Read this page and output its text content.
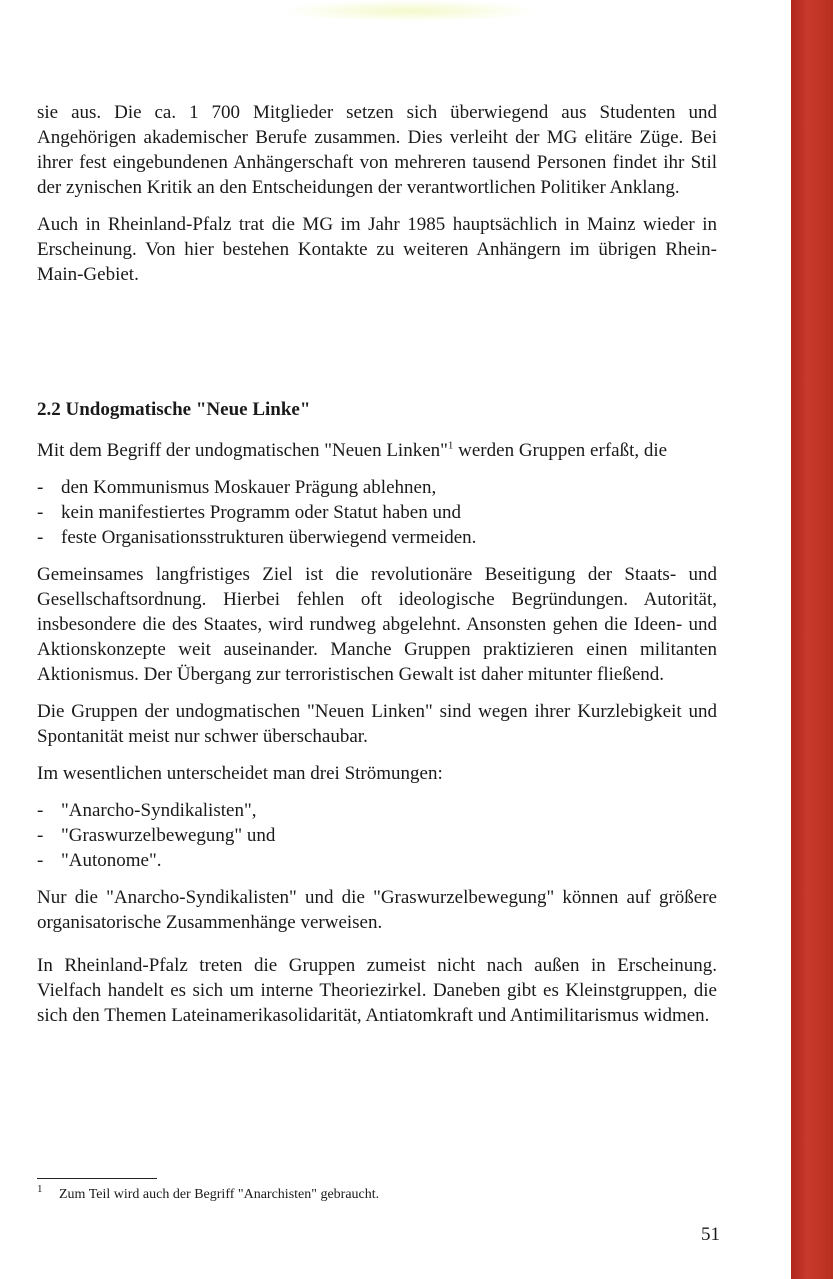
sie aus. Die ca. 1 700 Mitglieder setzen sich überwiegend aus Studenten und Angehörigen akademischer Berufe zusammen. Dies verleiht der MG elitäre Züge. Bei ihrer fest eingebundenen Anhängerschaft von mehreren tausend Personen findet ihr Stil der zynischen Kritik an den Entscheidungen der verantwortlichen Politiker Anklang.

Auch in Rheinland-Pfalz trat die MG im Jahr 1985 hauptsächlich in Mainz wieder in Erscheinung. Von hier bestehen Kontakte zu weiteren Anhängern im übrigen Rhein-Main-Gebiet.

2.2 Undogmatische "Neue Linke"

Mit dem Begriff der undogmatischen "Neuen Linken"$^1$ werden Gruppen erfaßt, die

- den Kommunismus Moskauer Prägung ablehnen,
- kein manifestiertes Programm oder Statut haben und
- feste Organisationsstrukturen überwiegend vermeiden.

Gemeinsames langfristiges Ziel ist die revolutionäre Beseitigung der Staats- und Gesellschaftsordnung. Hierbei fehlen oft ideologische Begründungen. Autorität, insbesondere die des Staates, wird rundweg abgelehnt. Ansonsten gehen die Ideen- und Aktionskonzepte weit auseinander. Manche Gruppen praktizieren einen militanten Aktionismus. Der Übergang zur terroristischen Gewalt ist daher mitunter fließend.

Die Gruppen der undogmatischen "Neuen Linken" sind wegen ihrer Kurzlebigkeit und Spontanität meist nur schwer überschaubar.

Im wesentlichen unterscheidet man drei Strömungen:

- "Anarcho-Syndikalisten",
- "Graswurzelbewegung" und
- "Autonome".

Nur die "Anarcho-Syndikalisten" und die "Graswurzelbewegung" können auf größere organisatorische Zusammenhänge verweisen.

In Rheinland-Pfalz treten die Gruppen zumeist nicht nach außen in Erscheinung. Vielfach handelt es sich um interne Theoriezirkel. Daneben gibt es Kleinstgruppen, die sich den Themen Lateinamerikasolidarität, Antiatomkraft und Antimilitarismus widmen.

1 Zum Teil wird auch der Begriff "Anarchisten" gebraucht.
51
